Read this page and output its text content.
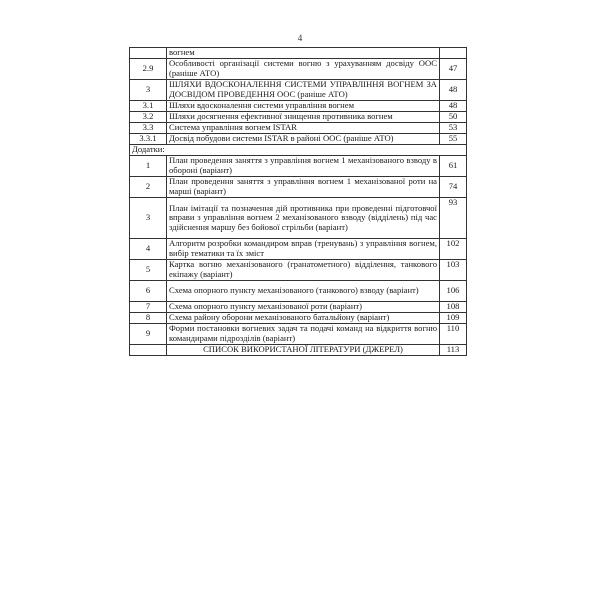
4
	вогнем	
2.9	Особливості організації системи вогню з урахуванням досвіду ООС (раніше АТО)	47
3	ШЛЯХИ ВДОСКОНАЛЕННЯ СИСТЕМИ УПРАВЛІННЯ ВОГНЕМ ЗА ДОСВІДОМ ПРОВЕДЕННЯ ООС (раніше АТО)	48
3.1	Шляхи вдосконалення системи управління вогнем	48
3.2	Шляхи досягнення ефективної знищення противника вогнем	50
3.3	Система управління вогнем ISTAR	53
3.3.1	Досвід побудови системи ISTAR в районі ООС (раніше АТО)	55
Додатки:		
1	План проведення заняття з управління вогнем 1 механізованого взводу в обороні (варіант)	61
2	План проведення заняття з управління вогнем 1 механізованої роти на марші (варіант)	74
3	План імітації та позначення дій противника при проведенні підготовчої вправи з управління вогнем 2 механізованого взводу (відділень) під час здійснення маршу без бойової стрільби (варіант)	93
4	Алгоритм розробки командиром вправ (тренувань) з управління вогнем, вибір тематики та їх зміст	102
5	Картка вогню механізованого (гранатометного) відділення, танкового екіпажу (варіант)	103
6	Схема опорного пункту механізованого (танкового) взводу (варіант)	106
7	Схема опорного пункту механізованої роти (варіант)	108
8	Схема району оборони механізованого батальйону (варіант)	109
9	Форми постановки вогневих задач та подачі команд на відкриття вогню командирами підрозділів (варіант)	110
	СПИСОК ВИКОРИСТАНОЇ ЛІТЕРАТУРИ (ДЖЕРЕЛ)	113
